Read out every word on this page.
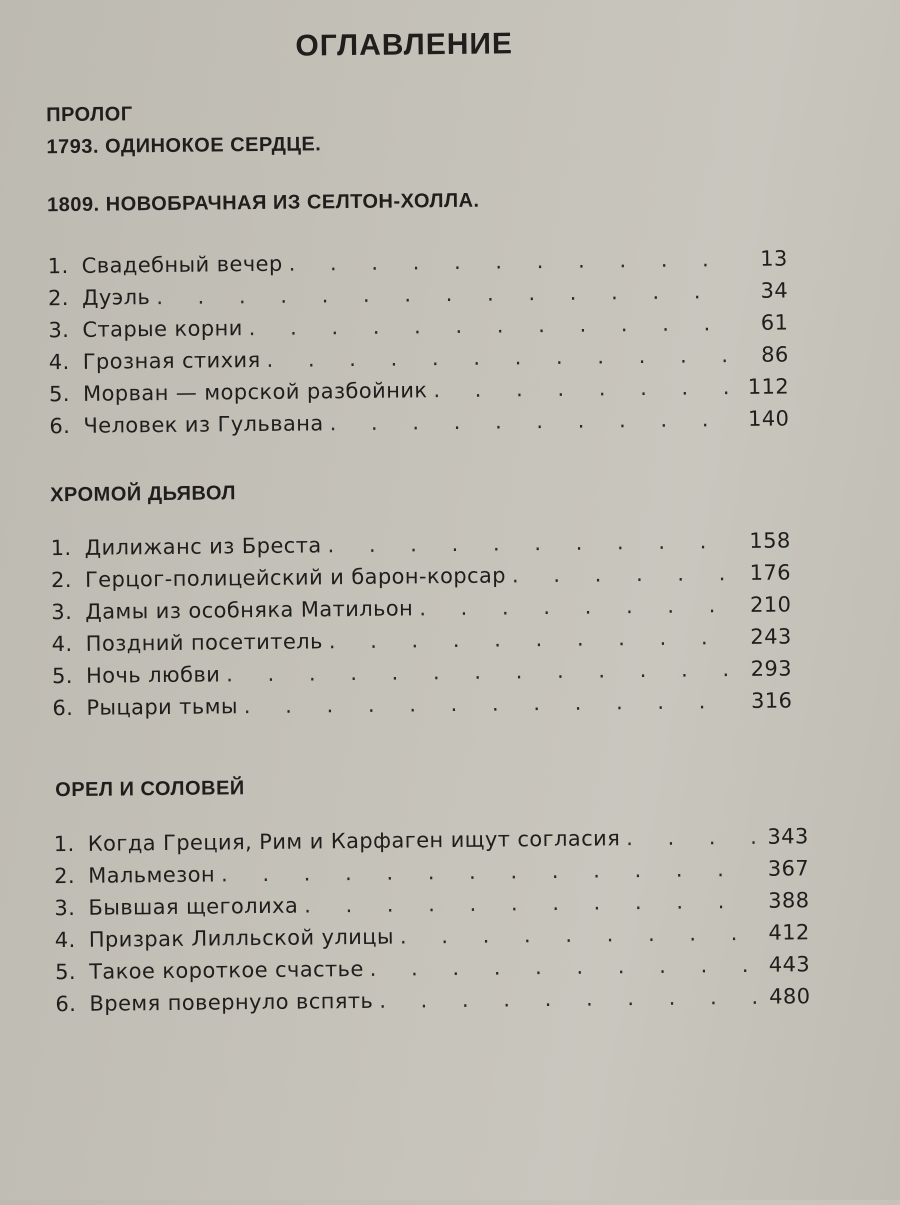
ОГЛАВЛЕНИЕ
ПРОЛОГ
1793. ОДИНОКОЕ СЕРДЦЕ.
1809. НОВОБРАЧНАЯ ИЗ СЕЛТОН-ХОЛЛА.
1. Свадебный вечер . . .	13
2. Дуэль . . .	34
3. Старые корни . . .	61
4. Грозная стихия . . .	86
5. Морван — морской разбойник . . .	112
6. Человек из Гульвана . . .	140
ХРОМОЙ ДЬЯВОЛ
1. Дилижанс из Бреста . . .	158
2. Герцог-полицейский и барон-корсар . . .	176
3. Дамы из особняка Матильон . . .	210
4. Поздний посетитель . . .	243
5. Ночь любви . . .	293
6. Рыцари тьмы . . .	316
ОРЕЛ И СОЛОВЕЙ
1. Когда Греция, Рим и Карфаген ищут согласия . . .	343
2. Мальмезон . . .	367
3. Бывшая щеголиха . . .	388
4. Призрак Лилльской улицы . . .	412
5. Такое короткое счастье . . .	443
6. Время повернуло вспять . . .	480
